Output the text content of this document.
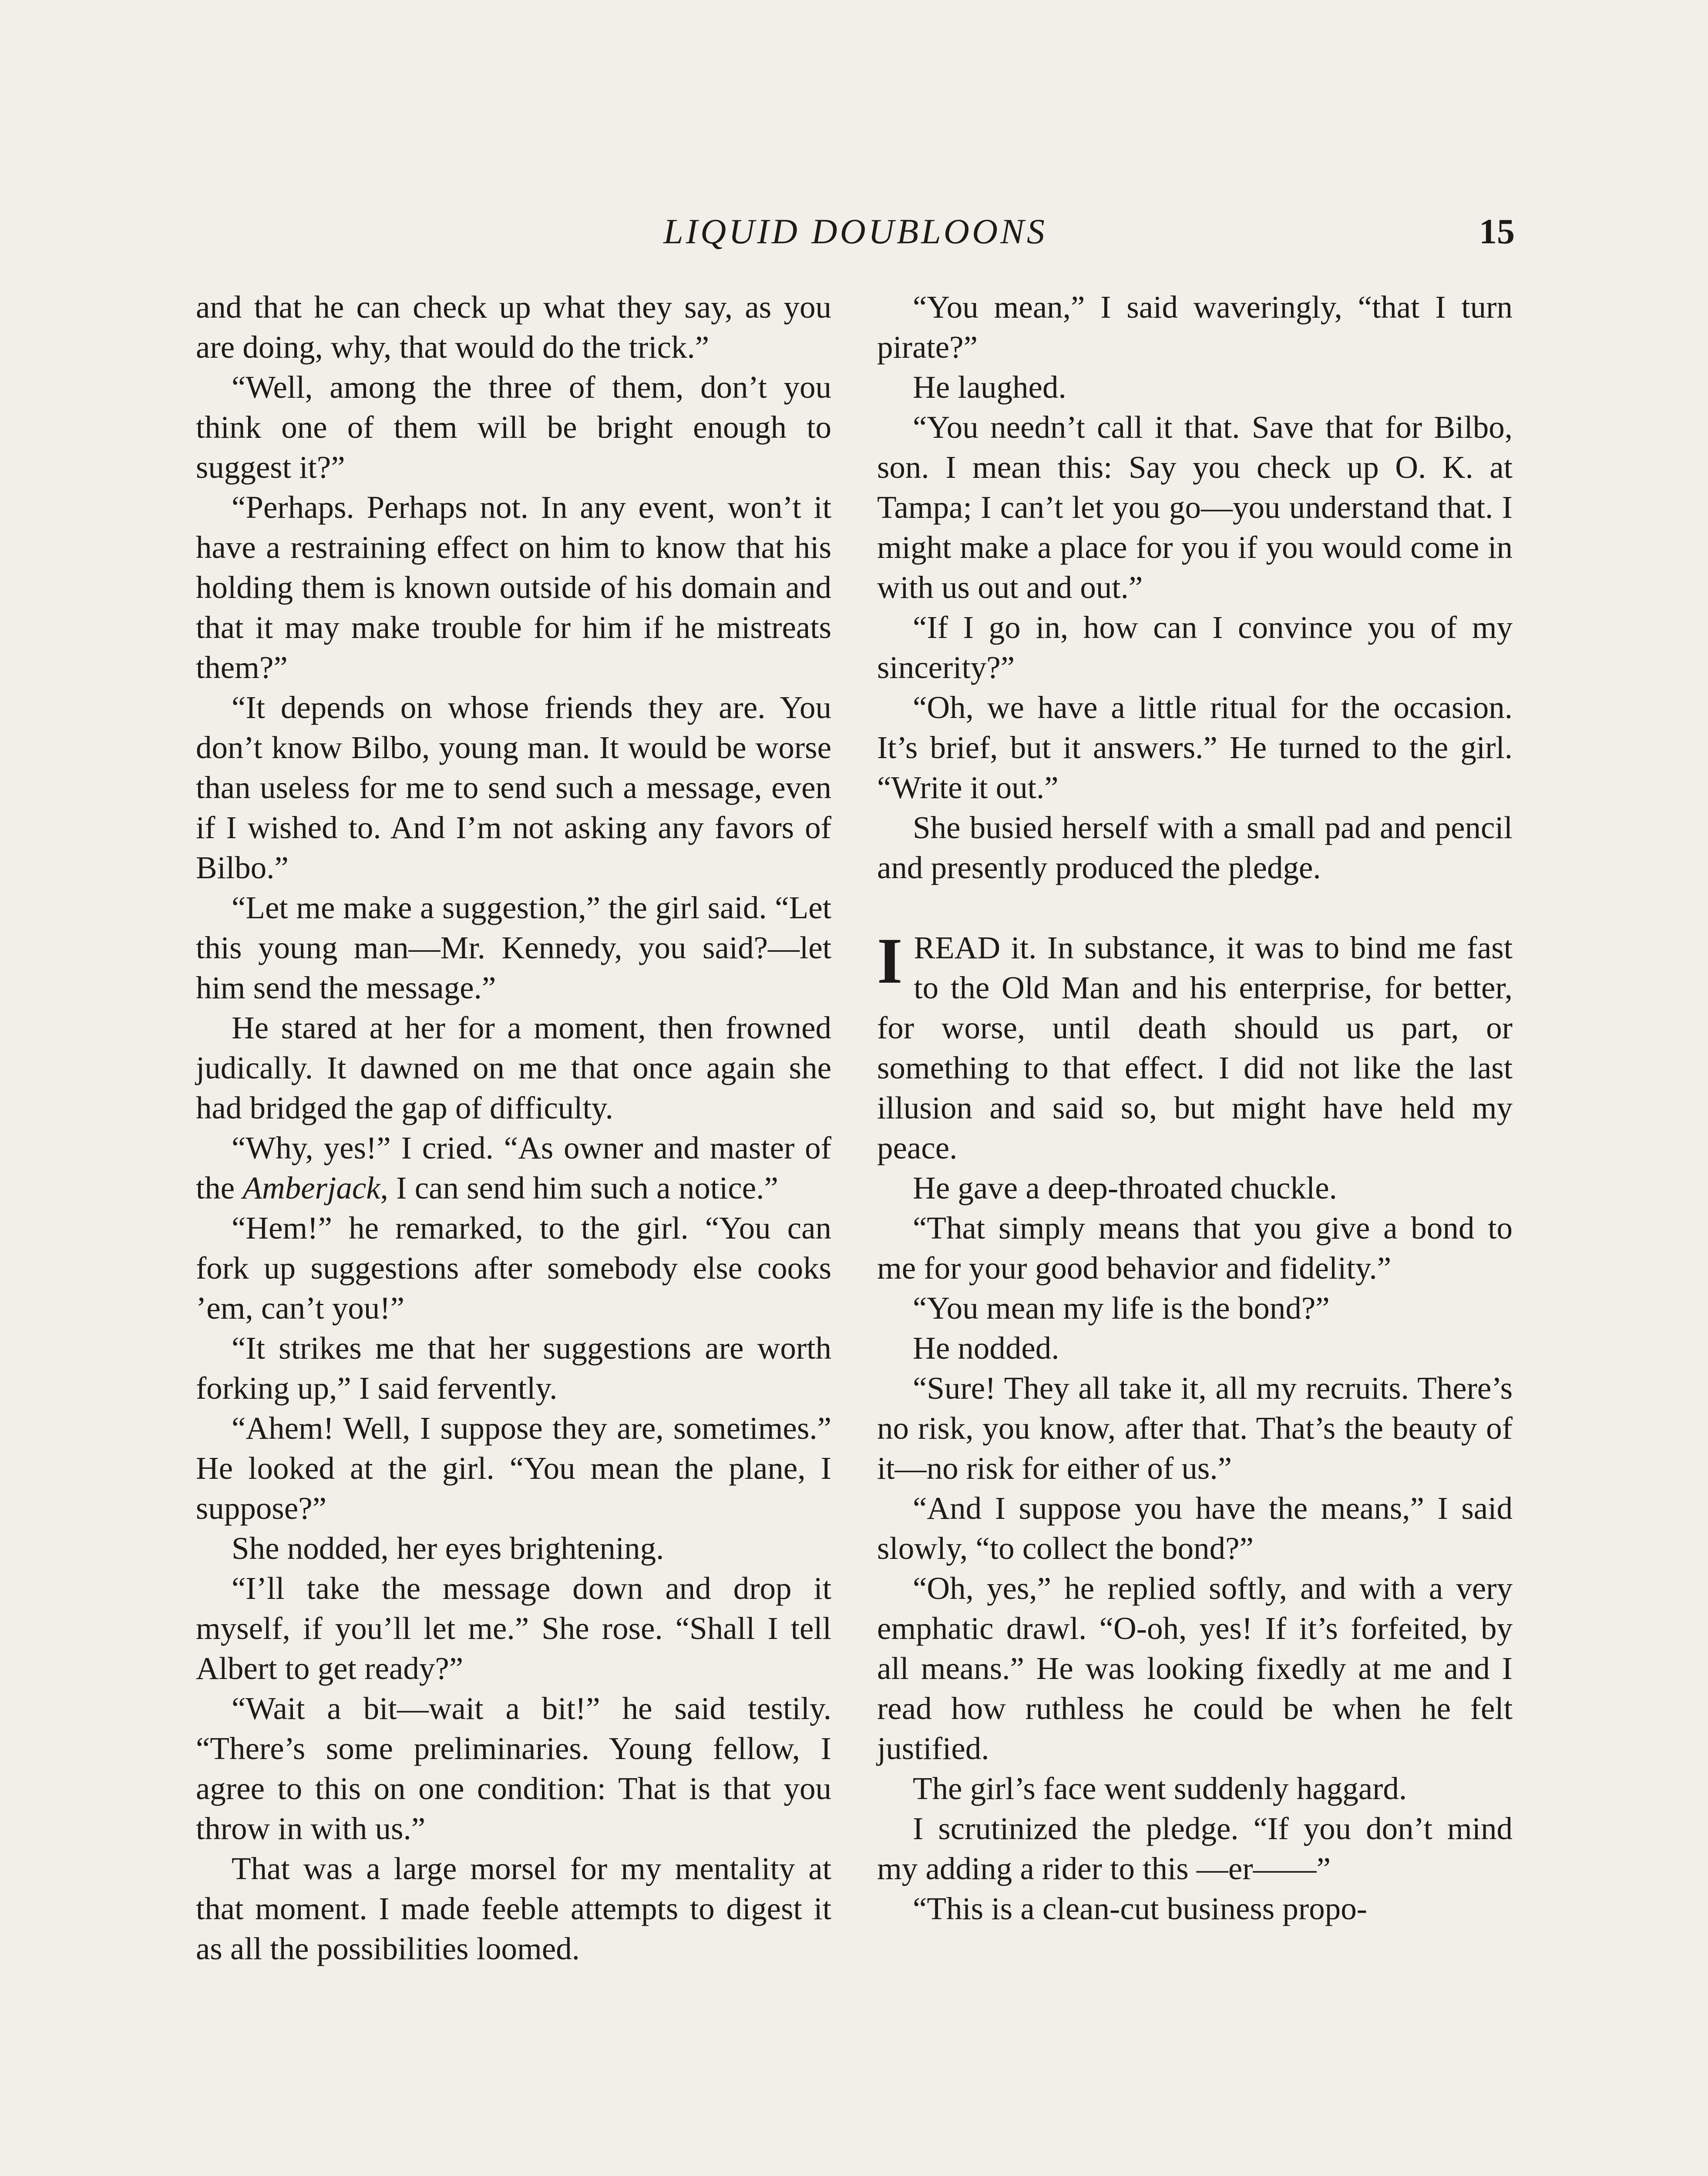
LIQUID DOUBLOONS	15

and that he can check up what they say, as you are doing, why, that would do the trick.”

“Well, among the three of them, don’t you think one of them will be bright enough to suggest it?”

“Perhaps. Perhaps not. In any event, won’t it have a restraining effect on him to know that his holding them is known outside of his domain and that it may make trouble for him if he mistreats them?”

“It depends on whose friends they are. You don’t know Bilbo, young man. It would be worse than useless for me to send such a message, even if I wished to. And I’m not asking any favors of Bilbo.”

“Let me make a suggestion,” the girl said. “Let this young man—Mr. Kennedy, you said?—let him send the message.”

He stared at her for a moment, then frowned judically. It dawned on me that once again she had bridged the gap of difficulty.

“Why, yes!” I cried. “As owner and master of the Amberjack, I can send him such a notice.”

“Hem!” he remarked, to the girl. “You can fork up suggestions after somebody else cooks ’em, can’t you!”

“It strikes me that her suggestions are worth forking up,” I said fervently.

“Ahem! Well, I suppose they are, sometimes.” He looked at the girl. “You mean the plane, I suppose?”

She nodded, her eyes brightening.

“I’ll take the message down and drop it myself, if you’ll let me.” She rose. “Shall I tell Albert to get ready?”

“Wait a bit—wait a bit!” he said testily. “There’s some preliminaries. Young fellow, I agree to this on one condition: That is that you throw in with us.”

That was a large morsel for my mentality at that moment. I made feeble attempts to digest it as all the possibilities loomed.

“You mean,” I said waveringly, “that I turn pirate?”

He laughed.

“You needn’t call it that. Save that for Bilbo, son. I mean this: Say you check up O. K. at Tampa; I can’t let you go—you understand that. I might make a place for you if you would come in with us out and out.”

“If I go in, how can I convince you of my sincerity?”

“Oh, we have a little ritual for the occasion. It’s brief, but it answers.” He turned to the girl. “Write it out.”

She busied herself with a small pad and pencil and presently produced the pledge.

IREAD it. In substance, it was to bind me fast to the Old Man and his enterprise, for better, for worse, until death should us part, or something to that effect. I did not like the last illusion and said so, but might have held my peace.

He gave a deep-throated chuckle.

“That simply means that you give a bond to me for your good behavior and fidelity.”

“You mean my life is the bond?”

He nodded.

“Sure! They all take it, all my recruits. There’s no risk, you know, after that. That’s the beauty of it—no risk for either of us.”

“And I suppose you have the means,” I said slowly, “to collect the bond?”

“Oh, yes,” he replied softly, and with a very emphatic drawl. “O-oh, yes! If it’s forfeited, by all means.” He was looking fixedly at me and I read how ruthless he could be when he felt justified.

The girl’s face went suddenly haggard.

I scrutinized the pledge. “If you don’t mind my adding a rider to this —er——”

“This is a clean-cut business propo-
